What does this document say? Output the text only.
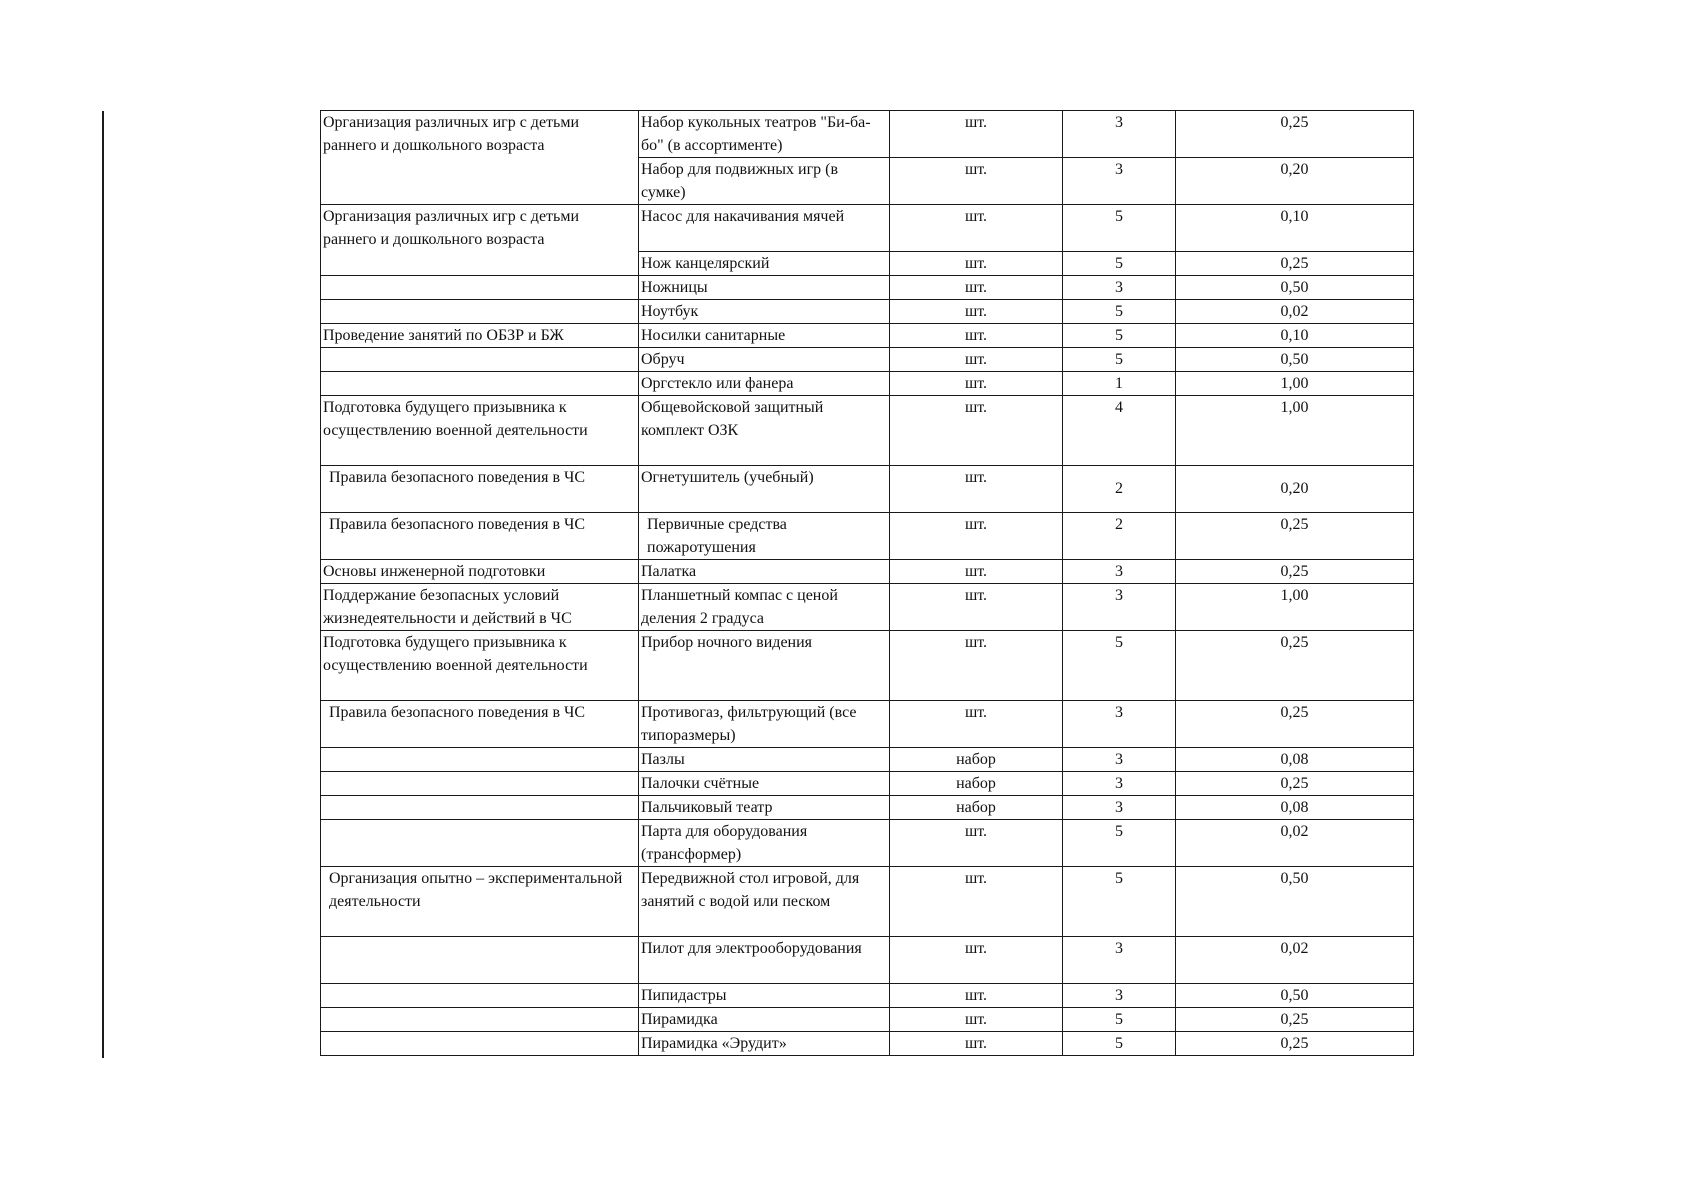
Организация различных игр с детьми раннего и дошкольного возраста	Набор кукольных театров "Би-ба-бо" (в ассортименте)	шт.	3	0,25
	Набор для подвижных игр (в сумке)	шт.	3	0,20
Организация различных игр с детьми раннего и дошкольного возраста	Насос для накачивания мячей	шт.	5	0,10
	Нож канцелярский	шт.	5	0,25
	Ножницы	шт.	3	0,50
	Ноутбук	шт.	5	0,02
Проведение занятий по ОБЗР и БЖ	Носилки санитарные	шт.	5	0,10
	Обруч	шт.	5	0,50
	Оргстекло или фанера	шт.	1	1,00
Подготовка будущего призывника к осуществлению военной деятельности	Общевойсковой защитный комплект ОЗК	шт.	4	1,00
Правила безопасного поведения в ЧС	Огнетушитель (учебный)	шт.	2	0,20
Правила безопасного поведения в ЧС	Первичные средства пожаротушения	шт.	2	0,25
Основы инженерной подготовки	Палатка	шт.	3	0,25
Поддержание безопасных условий жизнедеятельности и действий в ЧС	Планшетный компас с ценой деления 2 градуса	шт.	3	1,00
Подготовка будущего призывника к осуществлению военной деятельности	Прибор ночного видения	шт.	5	0,25
Правила безопасного поведения в ЧС	Противогаз, фильтрующий (все типоразмеры)	шт.	3	0,25
	Пазлы	набор	3	0,08
	Палочки счётные	набор	3	0,25
	Пальчиковый театр	набор	3	0,08
	Парта для оборудования (трансформер)	шт.	5	0,02
Организация опытно – экспериментальной деятельности	Передвижной стол игровой, для занятий с водой или песком	шт.	5	0,50
	Пилот для электрооборудования	шт.	3	0,02
	Пипидастры	шт.	3	0,50
	Пирамидка	шт.	5	0,25
	Пирамидка «Эрудит»	шт.	5	0,25
